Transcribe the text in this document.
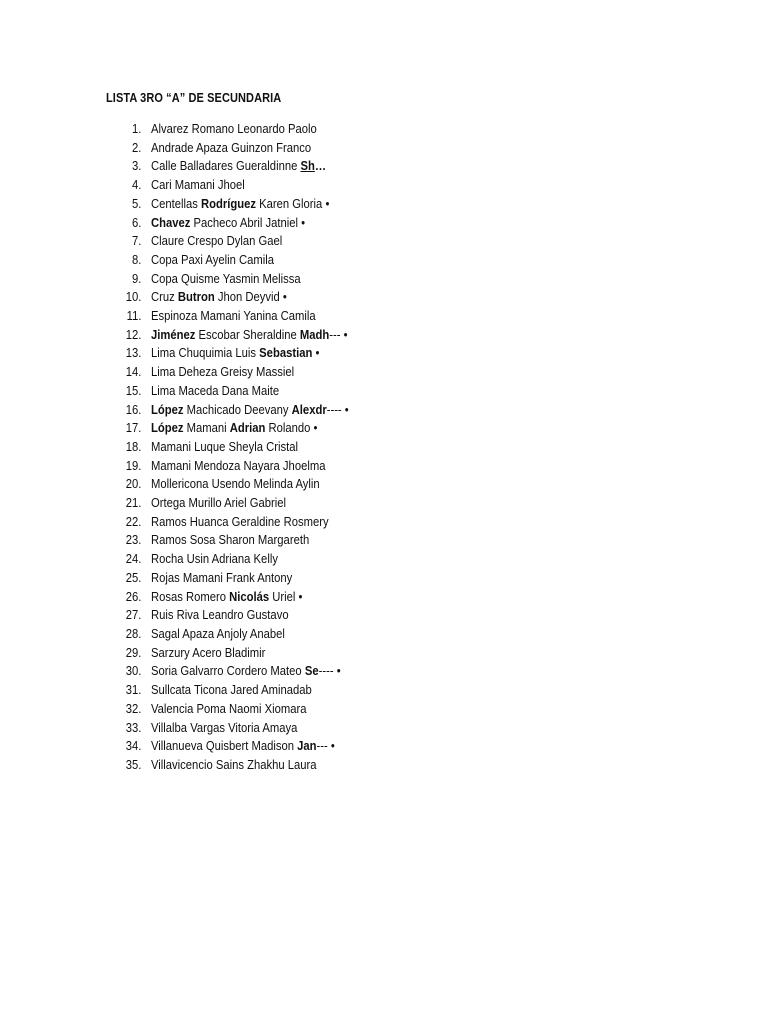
LISTA 3RO “A” DE SECUNDARIA
1. Alvarez Romano Leonardo Paolo
2. Andrade Apaza Guinzon Franco
3. Calle Balladares Gueraldinne Sh…
4. Cari Mamani Jhoel
5. Centellas Rodríguez Karen Gloria •
6. Chavez Pacheco Abril Jatniel •
7. Claure Crespo Dylan Gael
8. Copa Paxi Ayelin Camila
9. Copa Quisme Yasmin Melissa
10. Cruz Butron Jhon Deyvid •
11. Espinoza Mamani Yanina Camila
12. Jiménez Escobar Sheraldine Madh--- •
13. Lima Chuquimia Luis Sebastian •
14. Lima Deheza Greisy Massiel
15. Lima Maceda Dana Maite
16. López Machicado Deevany Alexdr---- •
17. López Mamani Adrian Rolando •
18. Mamani Luque Sheyla Cristal
19. Mamani Mendoza Nayara Jhoelma
20. Mollericona Usendo Melinda Aylin
21. Ortega Murillo Ariel Gabriel
22. Ramos Huanca Geraldine Rosmery
23. Ramos Sosa Sharon Margareth
24. Rocha Usin Adriana Kelly
25. Rojas Mamani Frank Antony
26. Rosas Romero Nicolás Uriel •
27. Ruis Riva Leandro Gustavo
28. Sagal Apaza Anjoly Anabel
29. Sarzury Acero Bladimir
30. Soria Galvarro Cordero Mateo Se---- •
31. Sullcata Ticona Jared Aminadab
32. Valencia Poma Naomi Xiomara
33. Villalba Vargas Vitoria Amaya
34. Villanueva Quisbert Madison Jan--- •
35. Villavicencio Sains Zhakhu Laura
